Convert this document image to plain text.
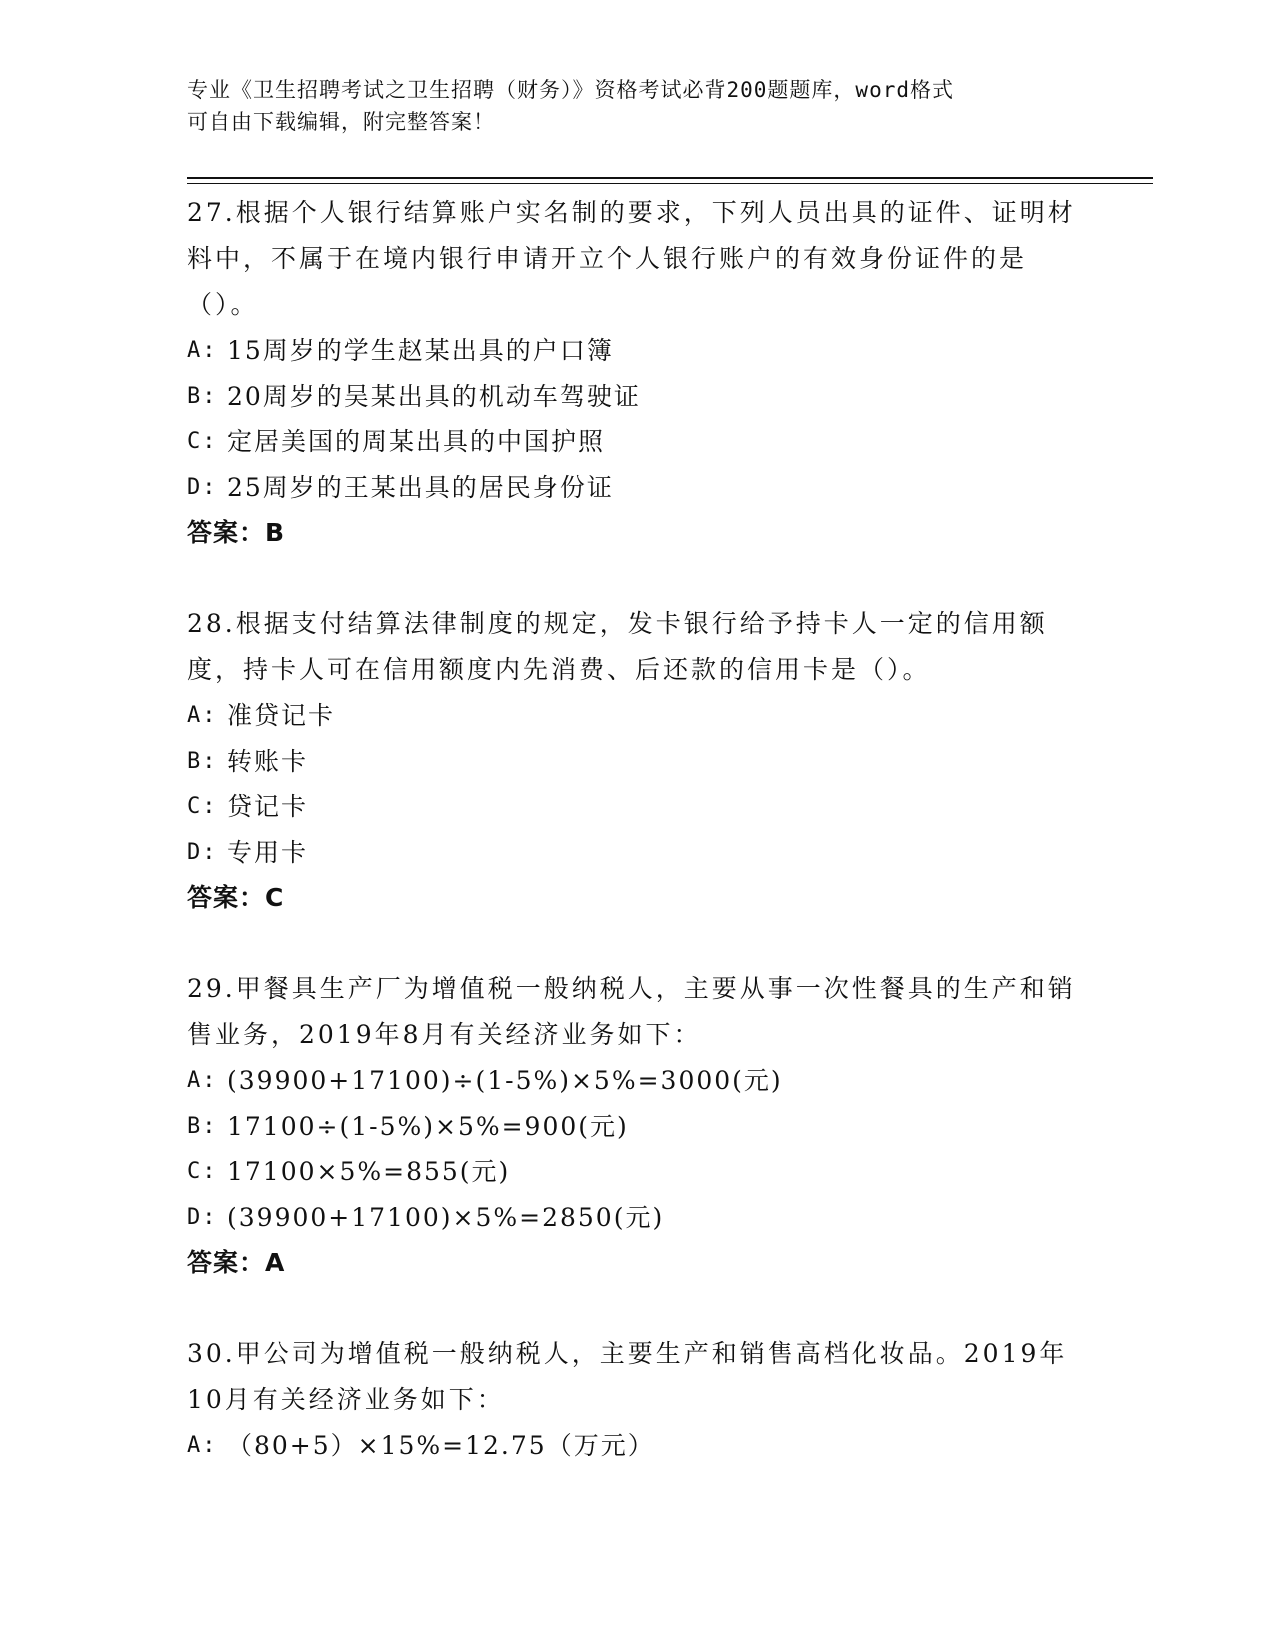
专业《卫生招聘考试之卫生招聘（财务）》资格考试必背200题题库，word格式
可自由下载编辑，附完整答案！
27.根据个人银行结算账户实名制的要求，下列人员出具的证件、证明材料中，不属于在境内银行申请开立个人银行账户的有效身份证件的是（）。
A: 15周岁的学生赵某出具的户口簿
B: 20周岁的吴某出具的机动车驾驶证
C: 定居美国的周某出具的中国护照
D: 25周岁的王某出具的居民身份证
答案：B
28.根据支付结算法律制度的规定，发卡银行给予持卡人一定的信用额度，持卡人可在信用额度内先消费、后还款的信用卡是（）。
A: 准贷记卡
B: 转账卡
C: 贷记卡
D: 专用卡
答案：C
29.甲餐具生产厂为增值税一般纳税人，主要从事一次性餐具的生产和销售业务，2019年8月有关经济业务如下：
A: (39900+17100)÷(1-5%)×5%=3000(元)
B: 17100÷(1-5%)×5%=900(元)
C: 17100×5%=855(元)
D: (39900+17100)×5%=2850(元)
答案：A
30.甲公司为增值税一般纳税人，主要生产和销售高档化妆品。2019年10月有关经济业务如下：
A: （80+5）×15%=12.75（万元）
